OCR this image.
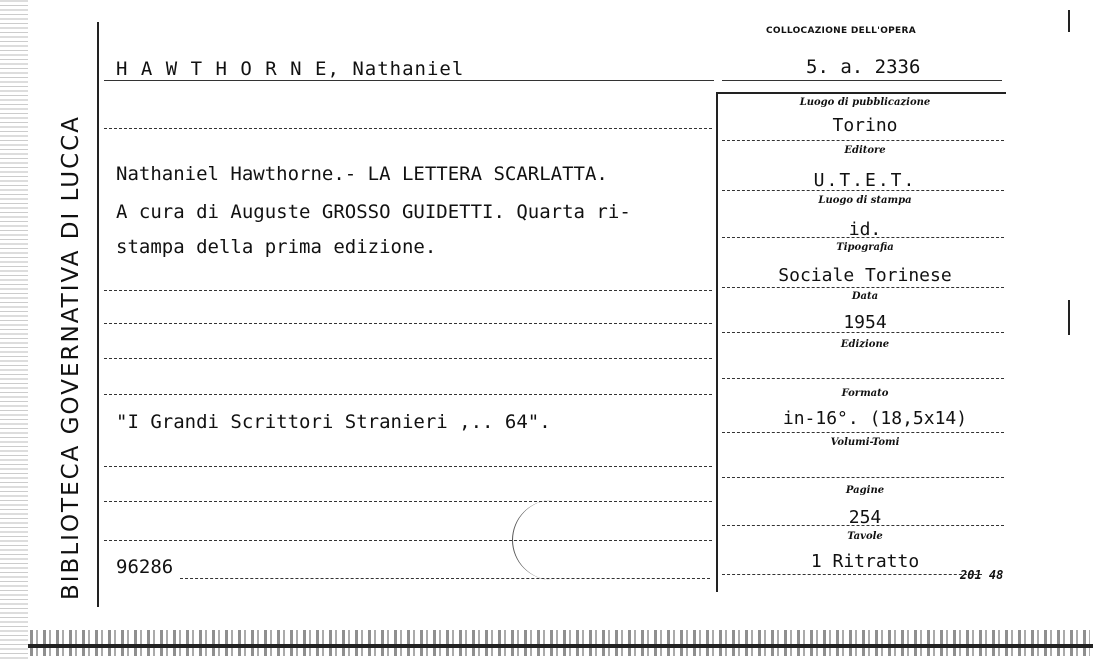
BIBLIOTECA GOVERNATIVA DI LUCCA
COLLOCAZIONE DELL'OPERA
H A W T H O R N E, Nathaniel	5. a. 2336
Nathaniel Hawthorne.- LA LETTERA SCARLATTA.
A cura di Auguste GROSSO GUIDETTI. Quarta ri-
stampa della prima edizione.
"I Grandi Scrittori Stranieri ,.. 64".
96286
Luogo di pubblicazione
Torino
Editore
U.T.E.T.
Luogo di stampa
id.
Tipografia
Sociale Torinese
Data
1954
Edizione
Formato
in-16°. (18,5x14)
Volumi-Tomi
Pagine
254
Tavole
1 Ritratto
201 48
